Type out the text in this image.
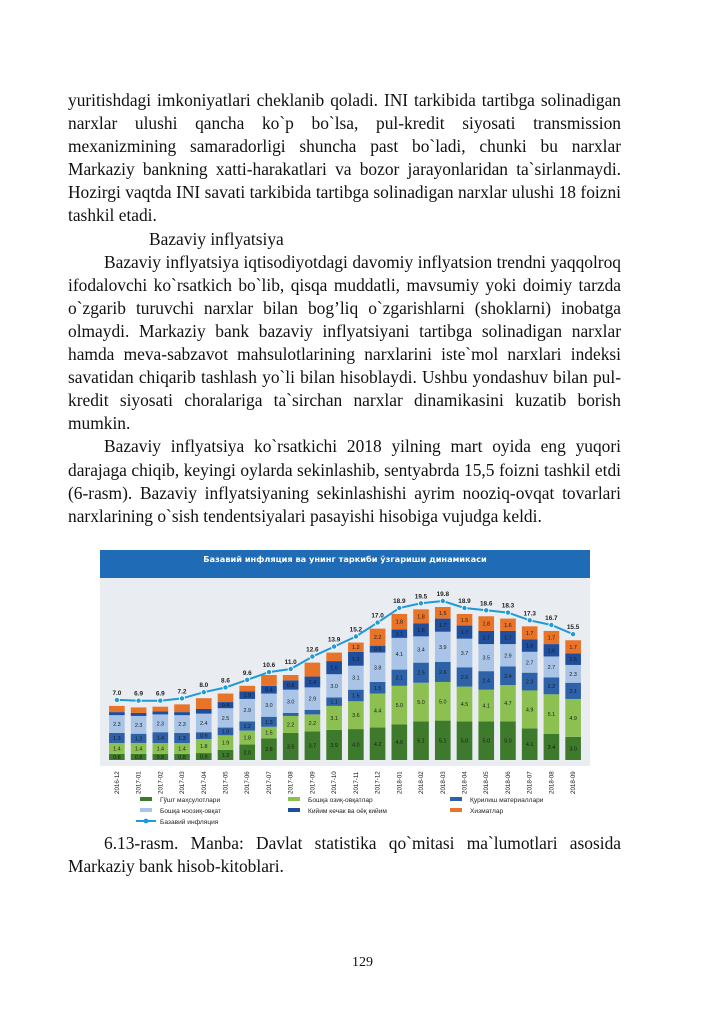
yuritishdagi imkoniyatlari cheklanib qoladi. INI tarkibida tartibga solinadigan narxlar ulushi qancha ko`p bo`lsa, pul-kredit siyosati transmission mexanizmining samaradorligi shuncha past bo`ladi, chunki bu narxlar Markaziy bankning xatti-harakatlari va bozor jarayonlaridan ta`sirlanmaydi. Hozirgi vaqtda INI savati tarkibida tartibga solinadigan narxlar ulushi 18 foizni tashkil etadi.

Bazaviy inflyatsiya

Bazaviy inflyatsiya iqtisodiyotdagi davomiy inflyatsion trendni yaqqolroq ifodalovchi ko`rsatkich bo`lib, qisqa muddatli, mavsumiy yoki doimiy tarzda o`zgarib turuvchi narxlar bilan bog’liq o`zgarishlarni (shoklarni) inobatga olmaydi. Markaziy bank bazaviy inflyatsiyani tartibga solinadigan narxlar hamda meva-sabzavot mahsulotlarining narxlarini iste`mol narxlari indeksi savatidan chiqarib tashlash yo`li bilan hisoblaydi. Ushbu yondashuv bilan pul-kredit siyosati choralariga ta`sirchan narxlar dinamikasini kuzatib borish mumkin.

Bazaviy inflyatsiya ko`rsatkichi 2018 yilning mart oyida eng yuqori darajaga chiqib, keyingi oylarda sekinlashib, sentyabrda 15,5 foizni tashkil etdi (6-rasm). Bazaviy inflyatsiyaning sekinlashishi ayrim nooziq-ovqat tovarlari narxlarining o`sish tendentsiyalari pasayishi hisobiga vujudga keldi.

Базавий инфляция ва унинг таркиби ўзгариши динамикаси
0.8
1.4
1.3
2.3
0.8
1.4
1.2
2.3
0.8
1.4
1.4
2.3
0.8
1.4
1.3
2.3
0.9
1.8
0.9
2.4
1.3
1.9
1.0
2.5
0.4
2.0
1.8
1.2
2.9
1.0
2.8
1.5
1.3
3.0
0.4
3.5
2.2
3.0
0.8
3.7
2.2
2.9
1.4
3.9
3.1
1.1
3.0
1.6
4.0
3.6
1.5
3.1
1.2
1.2
4.2
4.4
1.5
3.8
0.9
2.2
4.6
5.0
2.1
4.1
1.1
1.8
5.1
5.0
2.5
3.4
1.6
1.8
5.1
5.0
2.6
3.9
1.7
1.5
5.0
4.5
2.6
3.7
1.7
1.5
5.0
4.1
2.4
3.5
1.7
1.8
5.0
4.7
2.4
2.9
1.7
1.6
4.1
4.9
2.3
2.7
1.6
1.7
3.4
5.1
2.2
2.7
1.6
1.7
3.0
4.9
2.1
2.3
1.5
1.7
7.0 6.9 6.9 7.2
8.0
8.6
9.6
10.6 11.0
12.6
13.9
15.2
17.0
18.9
19.5 19.8
18.9 18.6 18.3
17.3
16.7
15.5
2016-12 2017-01 2017-02 2017-03 2017-04 2017-05 2017-06 2017-07 2017-08 2017-09 2017-10 2017-11 2017-12 2018-01 2018-02 2018-03 2018-04 2018-05 2018-06 2018-07 2018-08 2018-09
Гўшт маҳсулотлари	Бошқа озиқ-овқатлар	Қурилиш материаллари
Бошқа ноозиқ-овқат	Кийим кечак ва оёқ кийим	Хизматлар
Базавий инфляция

6.13-rasm. Manba: Davlat statistika qo`mitasi ma`lumotlari asosida Markaziy bank hisob-kitoblari.

129
